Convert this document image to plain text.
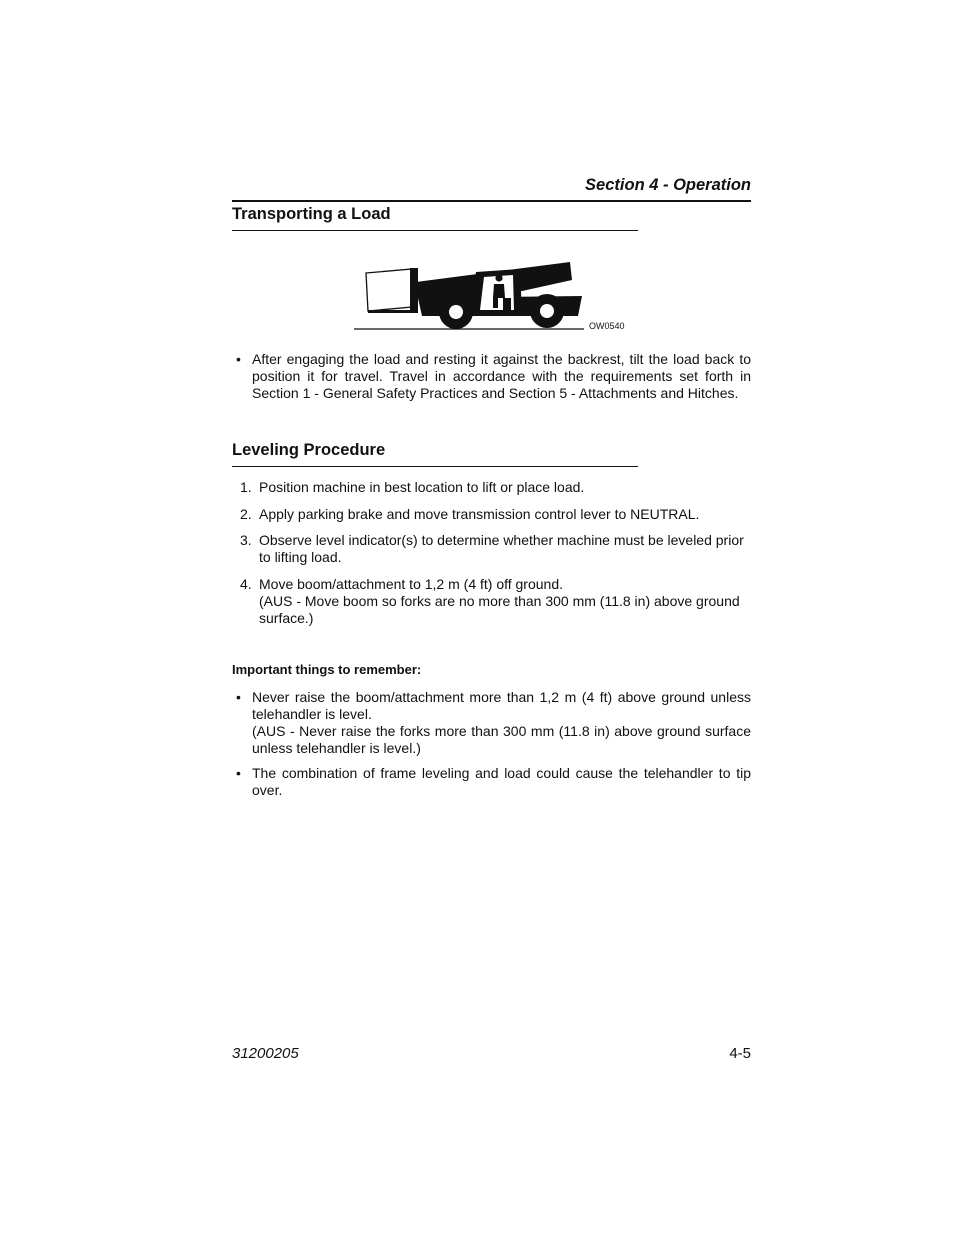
Section 4 - Operation
Transporting a Load
OW0540

• After engaging the load and resting it against the backrest, tilt the load back to position it for travel. Travel in accordance with the requirements set forth in Section 1 - General Safety Practices and Section 5 - Attachments and Hitches.

Leveling Procedure

1. Position machine in best location to lift or place load.

2. Apply parking brake and move transmission control lever to NEUTRAL.

3. Observe level indicator(s) to determine whether machine must be leveled prior to lifting load.

4. Move boom/attachment to 1,2 m (4 ft) off ground.
(AUS - Move boom so forks are no more than 300 mm (11.8 in) above ground surface.)

Important things to remember:

• Never raise the boom/attachment more than 1,2 m (4 ft) above ground unless telehandler is level.
(AUS - Never raise the forks more than 300 mm (11.8 in) above ground surface unless telehandler is level.)

• The combination of frame leveling and load could cause the telehandler to tip over.

31200205	4-5
